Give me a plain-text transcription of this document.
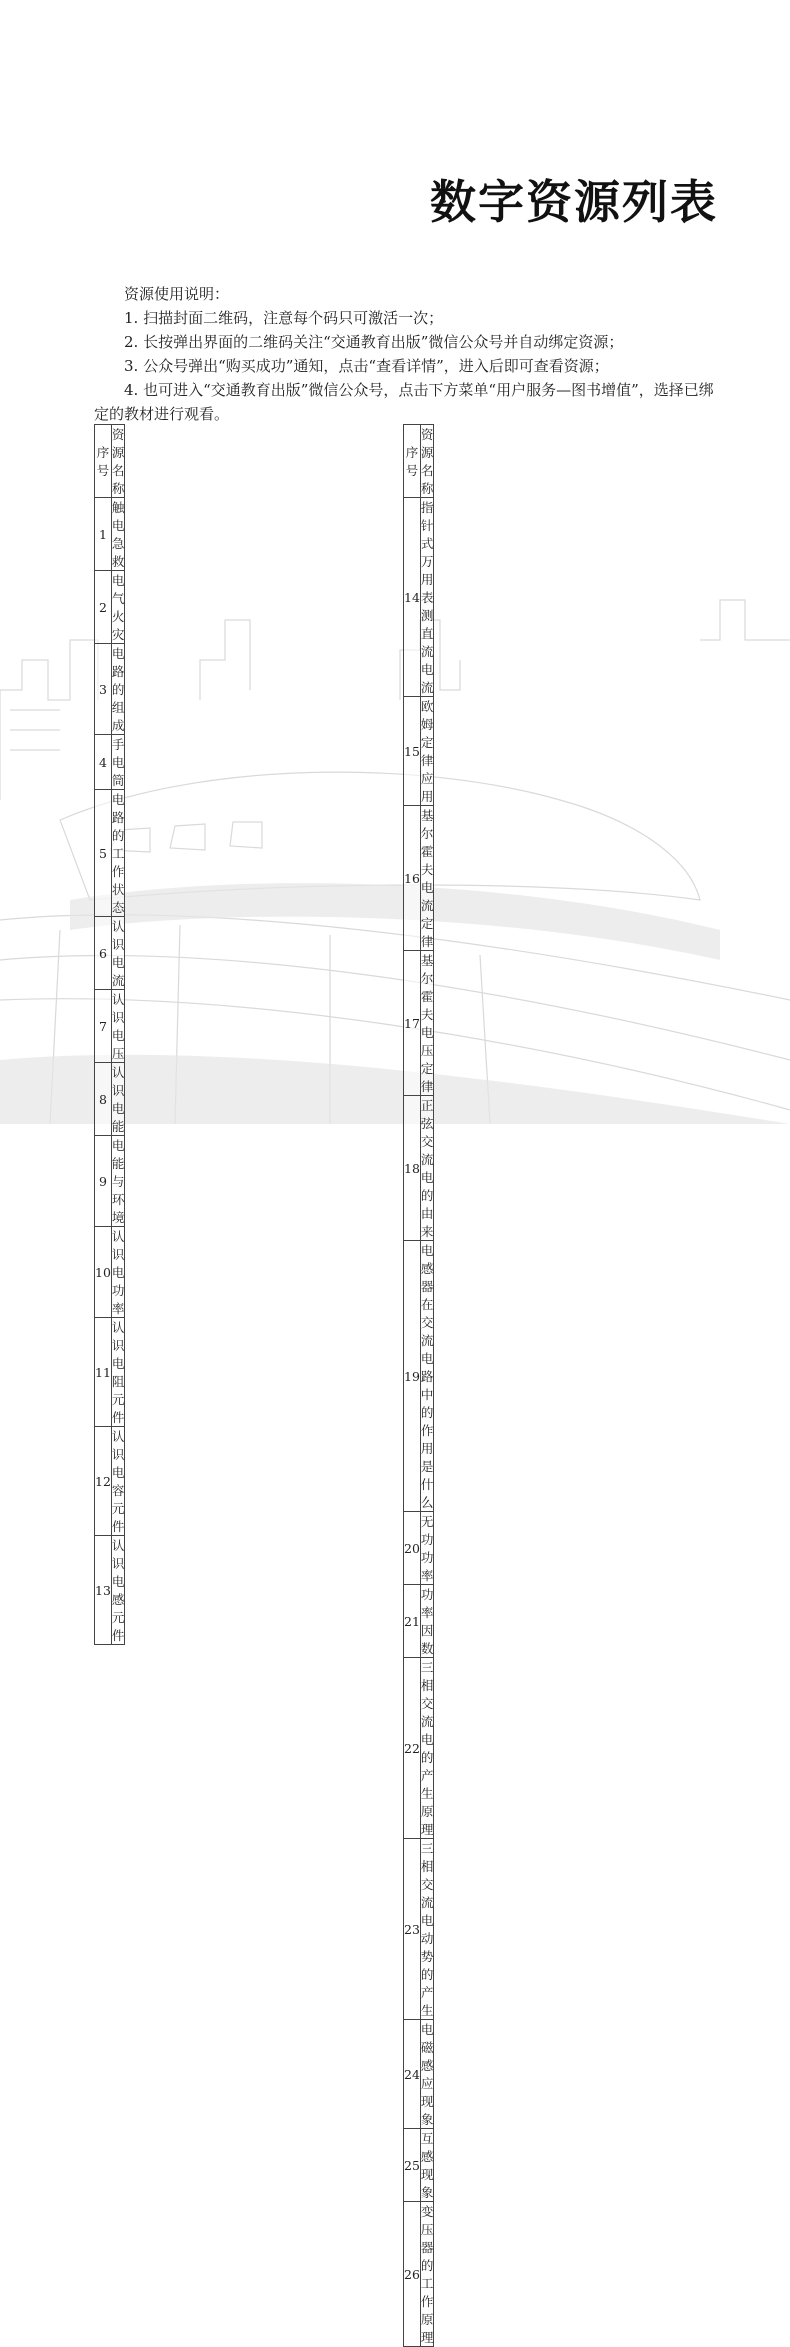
数字资源列表

资源使用说明：

1. 扫描封面二维码，注意每个码只可激活一次；

2. 长按弹出界面的二维码关注“交通教育出版”微信公众号并自动绑定资源；

3. 公众号弹出“购买成功”通知，点击“查看详情”，进入后即可查看资源；

4. 也可进入“交通教育出版”微信公众号，点击下方菜单“用户服务—图书增值”，选择已绑定的教材进行观看。

序号	资源名称
1	触电急救
2	电气火灾
3	电路的组成
4	手电筒
5	电路的工作状态
6	认识电流
7	认识电压
8	认识电能
9	电能与环境
10	认识电功率
11	认识电阻元件
12	认识电容元件
13	认识电感元件
序号	资源名称
14	指针式万用表测直流电流
15	欧姆定律应用
16	基尔霍夫电流定律
17	基尔霍夫电压定律
18	正弦交流电的由来
19	电感器在交流电路中的作用是什么
20	无功功率
21	功率因数
22	三相交流电的产生原理
23	三相交流电动势的产生
24	电磁感应现象
25	互感现象
26	变压器的工作原理
